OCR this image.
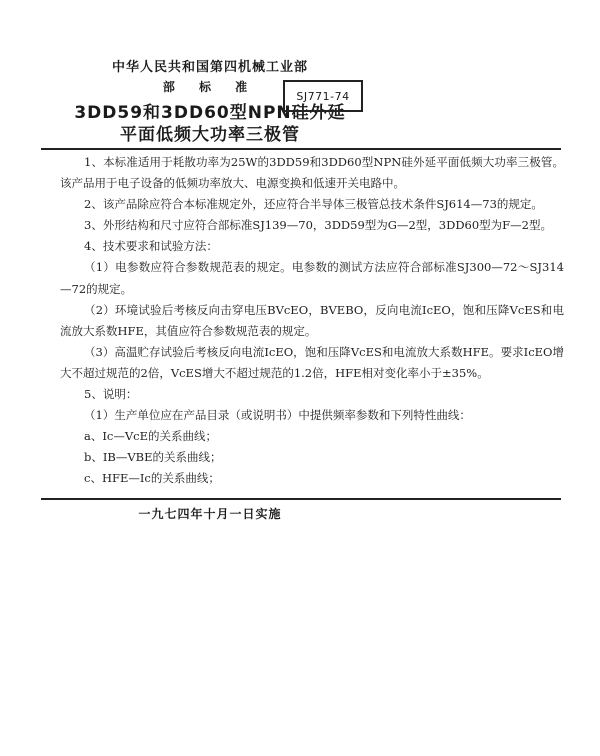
中华人民共和国第四机械工业部
部 标 准
3DD59和3DD60型NPN硅外延
平面低频大功率三极管
SJ771-74

1、本标准适用于耗散功率为25W的3DD59和3DD60型NPN硅外延平面低频大功率三极管。该产品用于电子设备的低频功率放大、电源变换和低速开关电路中。

2、该产品除应符合本标准规定外，还应符合半导体三极管总技术条件SJ614—73的规定。

3、外形结构和尺寸应符合部标准SJ139—70，3DD59型为G—2型，3DD60型为F—2型。

4、技术要求和试验方法：

（1）电参数应符合参数规范表的规定。电参数的测试方法应符合部标准SJ300—72～SJ314—72的规定。

（2）环境试验后考核反向击穿电压BVcEO，BVEBO，反向电流IcEO，饱和压降VcES和电流放大系数HFE，其值应符合参数规范表的规定。

（3）高温贮存试验后考核反向电流IcEO，饱和压降VcES和电流放大系数HFE。要求IcEO增大不超过规范的2倍，VcES增大不超过规范的1.2倍，HFE相对变化率小于±35%。

5、说明：

（1）生产单位应在产品目录（或说明书）中提供频率参数和下列特性曲线：

a、Ic—VcE的关系曲线；

b、IB—VBE的关系曲线；

c、HFE—Ic的关系曲线；

一九七四年十月一日实施
